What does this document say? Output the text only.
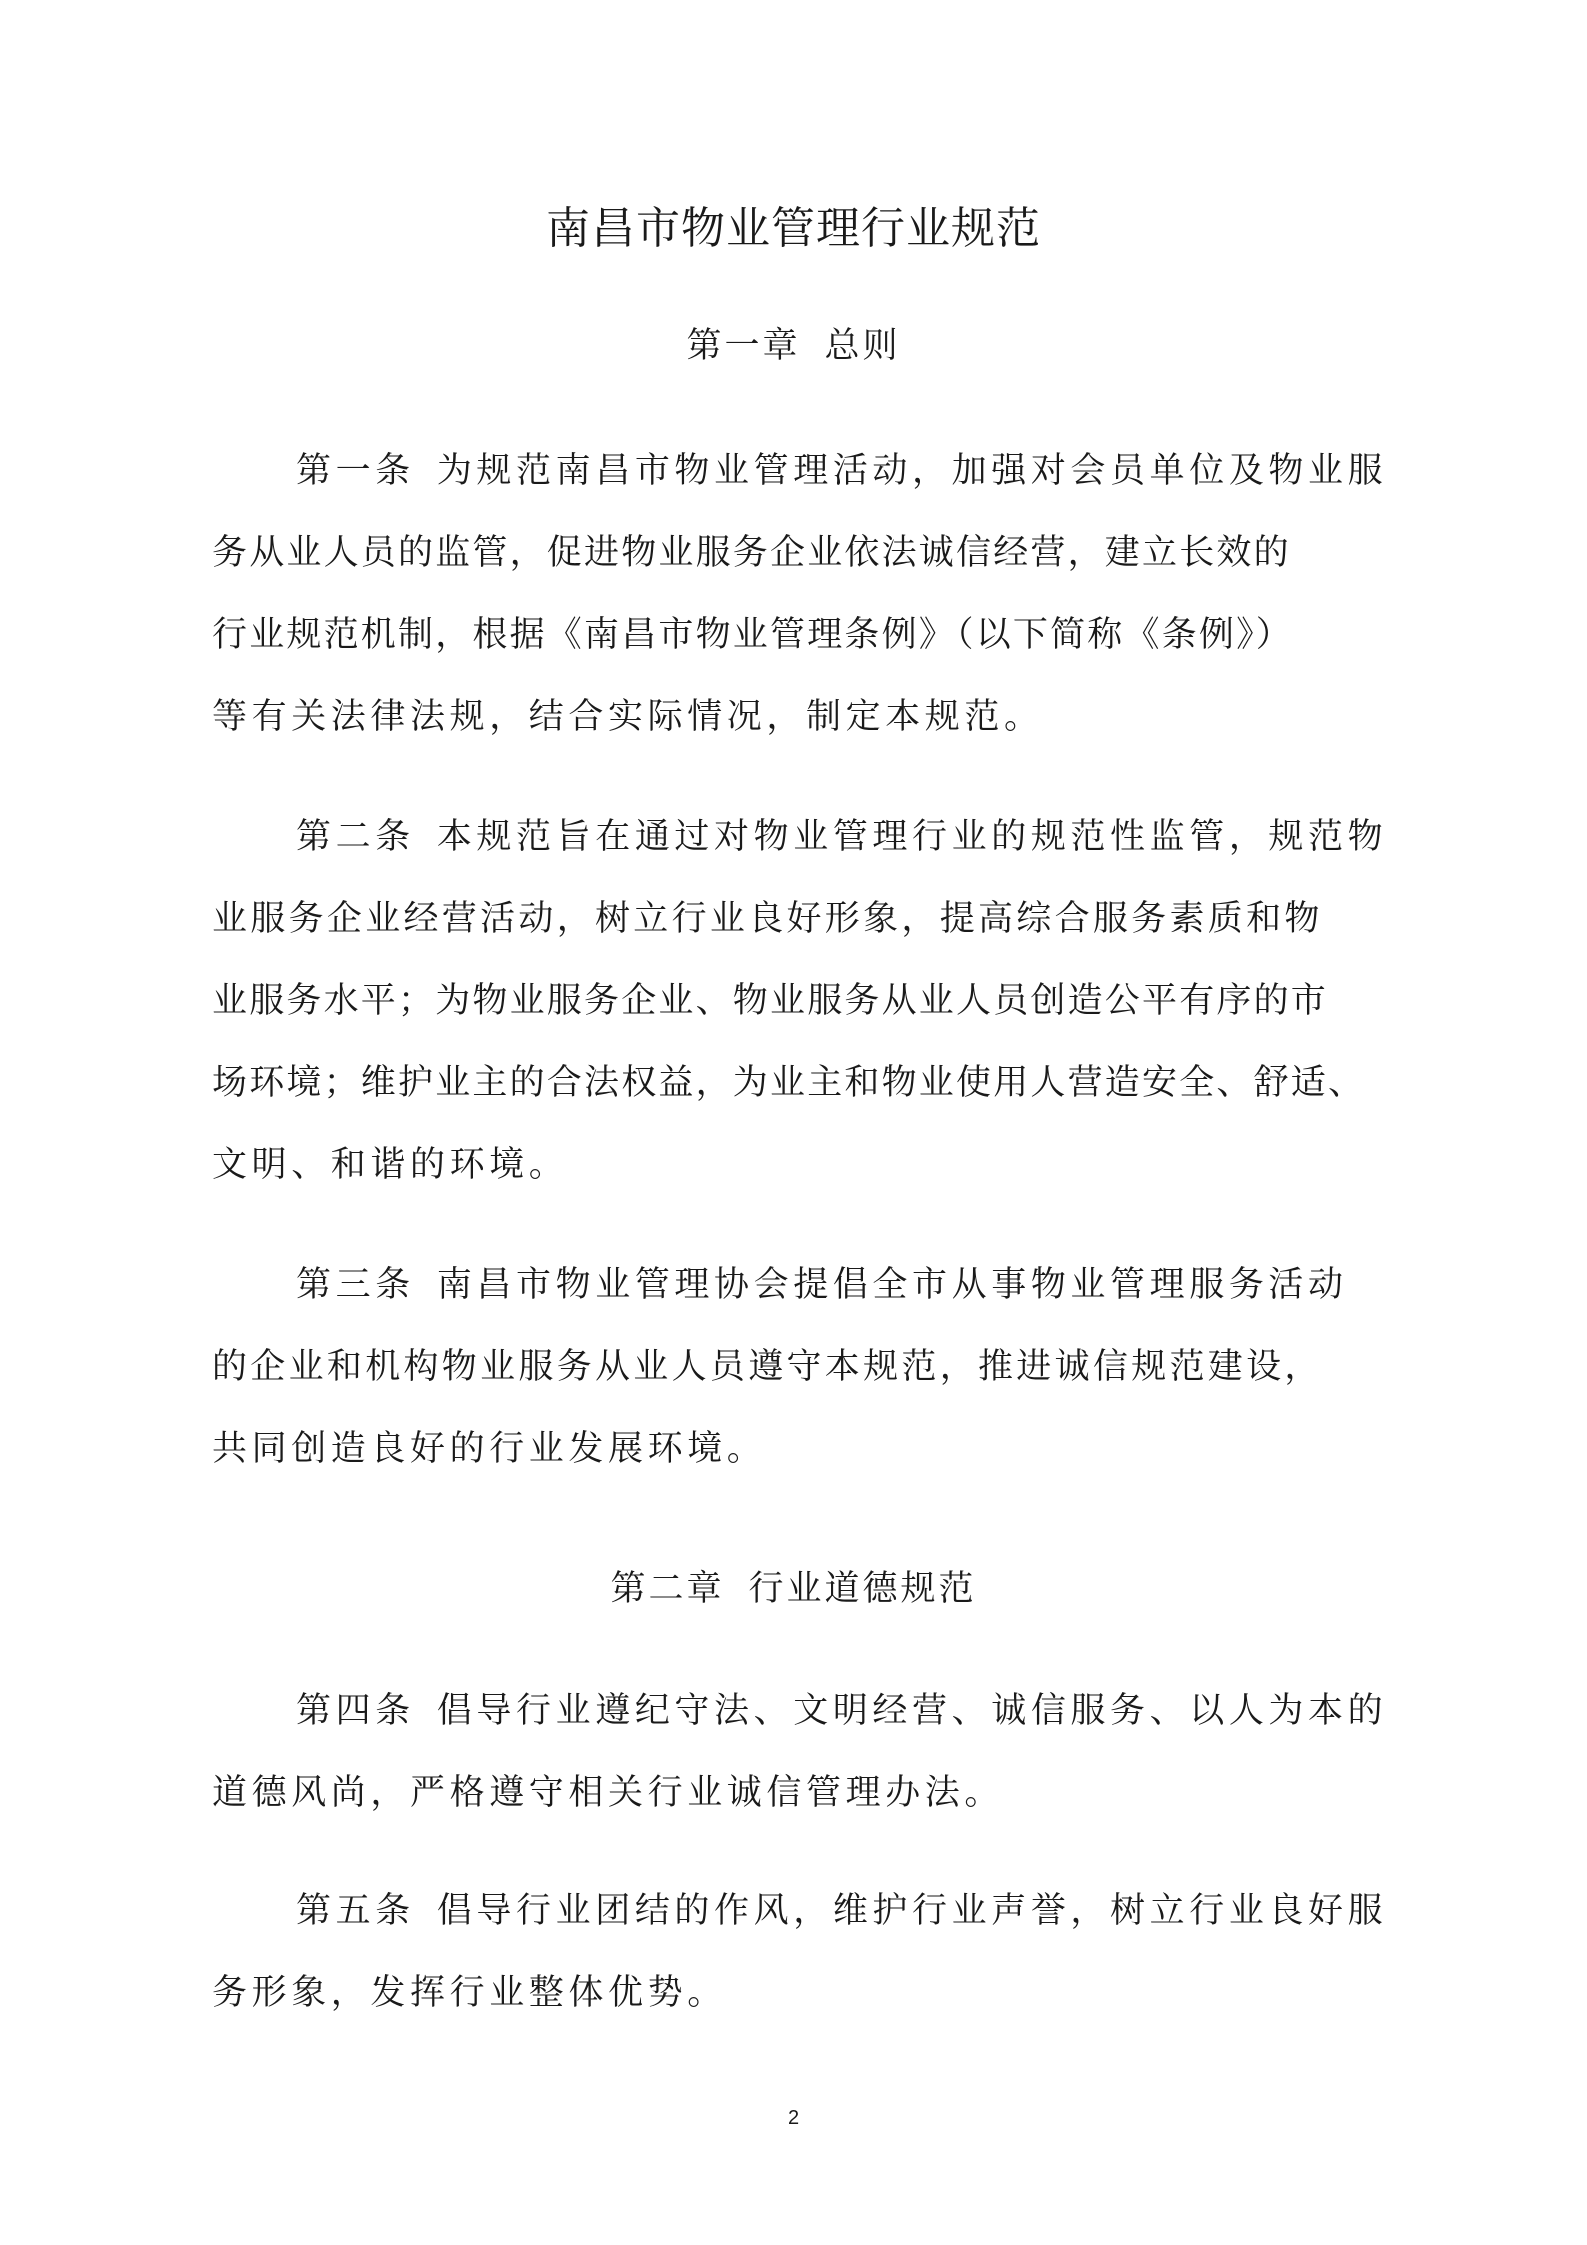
南昌市物业管理行业规范
第一章 总则
第一条 为规范南昌市物业管理活动，加强对会员单位及物业服
务从业人员的监管，促进物业服务企业依法诚信经营，建立长效的
行业规范机制，根据《南昌市物业管理条例》（以下简称《条例》）
等有关法律法规，结合实际情况，制定本规范。
第二条 本规范旨在通过对物业管理行业的规范性监管，规范物
业服务企业经营活动，树立行业良好形象，提高综合服务素质和物
业服务水平；为物业服务企业、物业服务从业人员创造公平有序的市
场环境；维护业主的合法权益，为业主和物业使用人营造安全、舒适、
文明、和谐的环境。
第三条 南昌市物业管理协会提倡全市从事物业管理服务活动
的企业和机构物业服务从业人员遵守本规范，推进诚信规范建设，
共同创造良好的行业发展环境。
第二章 行业道德规范
第四条 倡导行业遵纪守法、文明经营、诚信服务、以人为本的
道德风尚，严格遵守相关行业诚信管理办法。
第五条 倡导行业团结的作风，维护行业声誉，树立行业良好服
务形象，发挥行业整体优势。
2
